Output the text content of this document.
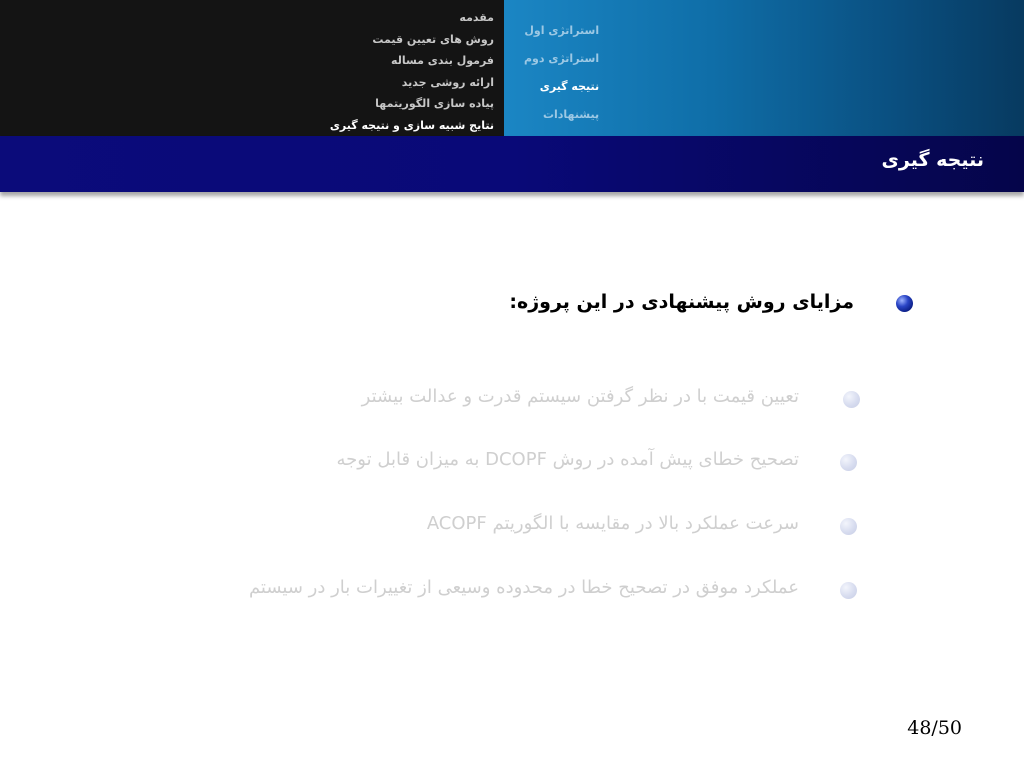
مقدمه
روش های تعیین قیمت
فرمول بندی مساله
ارائه روشی جدید
پیاده سازی الگوریتمها
نتایج شبیه سازی و نتیجه گیری
استراتژی اول
استراتژی دوم
نتیجه گیری
پیشنهادات
نتیجه گیری
مزایای روش پیشنهادی در این پروژه:
تعیین قیمت با در نظر گرفتن سیستم قدرت و عدالت بیشتر
تصحیح خطای پیش آمده در روش DCOPF به میزان قابل توجه
سرعت عملکرد بالا در مقایسه با الگوریتم ACOPF
عملکرد موفق در تصحیح خطا در محدوده وسیعی از تغییرات بار در سیستم
48/50
